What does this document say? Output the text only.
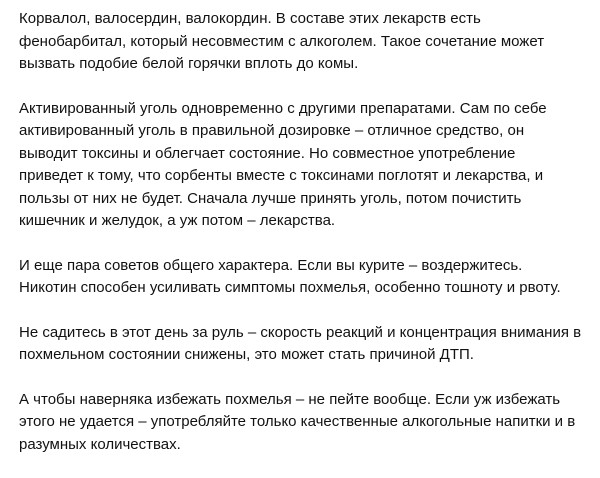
Корвалол, валосердин, валокордин. В составе этих лекарств есть
фенобарбитал, который несовместим с алкоголем. Такое сочетание может
вызвать подобие белой горячки вплоть до комы.

Активированный уголь одновременно с другими препаратами. Сам по себе
активированный уголь в правильной дозировке – отличное средство, он
выводит токсины и облегчает состояние. Но совместное употребление
приведет к тому, что сорбенты вместе с токсинами поглотят и лекарства, и
пользы от них не будет. Сначала лучше принять уголь, потом почистить
кишечник и желудок, а уж потом – лекарства.

И еще пара советов общего характера. Если вы курите – воздержитесь.
Никотин способен усиливать симптомы похмелья, особенно тошноту и рвоту.

Не садитесь в этот день за руль – скорость реакций и концентрация внимания в
похмельном состоянии снижены, это может стать причиной ДТП.

А чтобы наверняка избежать похмелья – не пейте вообще. Если уж избежать
этого не удается – употребляйте только качественные алкогольные напитки и в
разумных количествах.
